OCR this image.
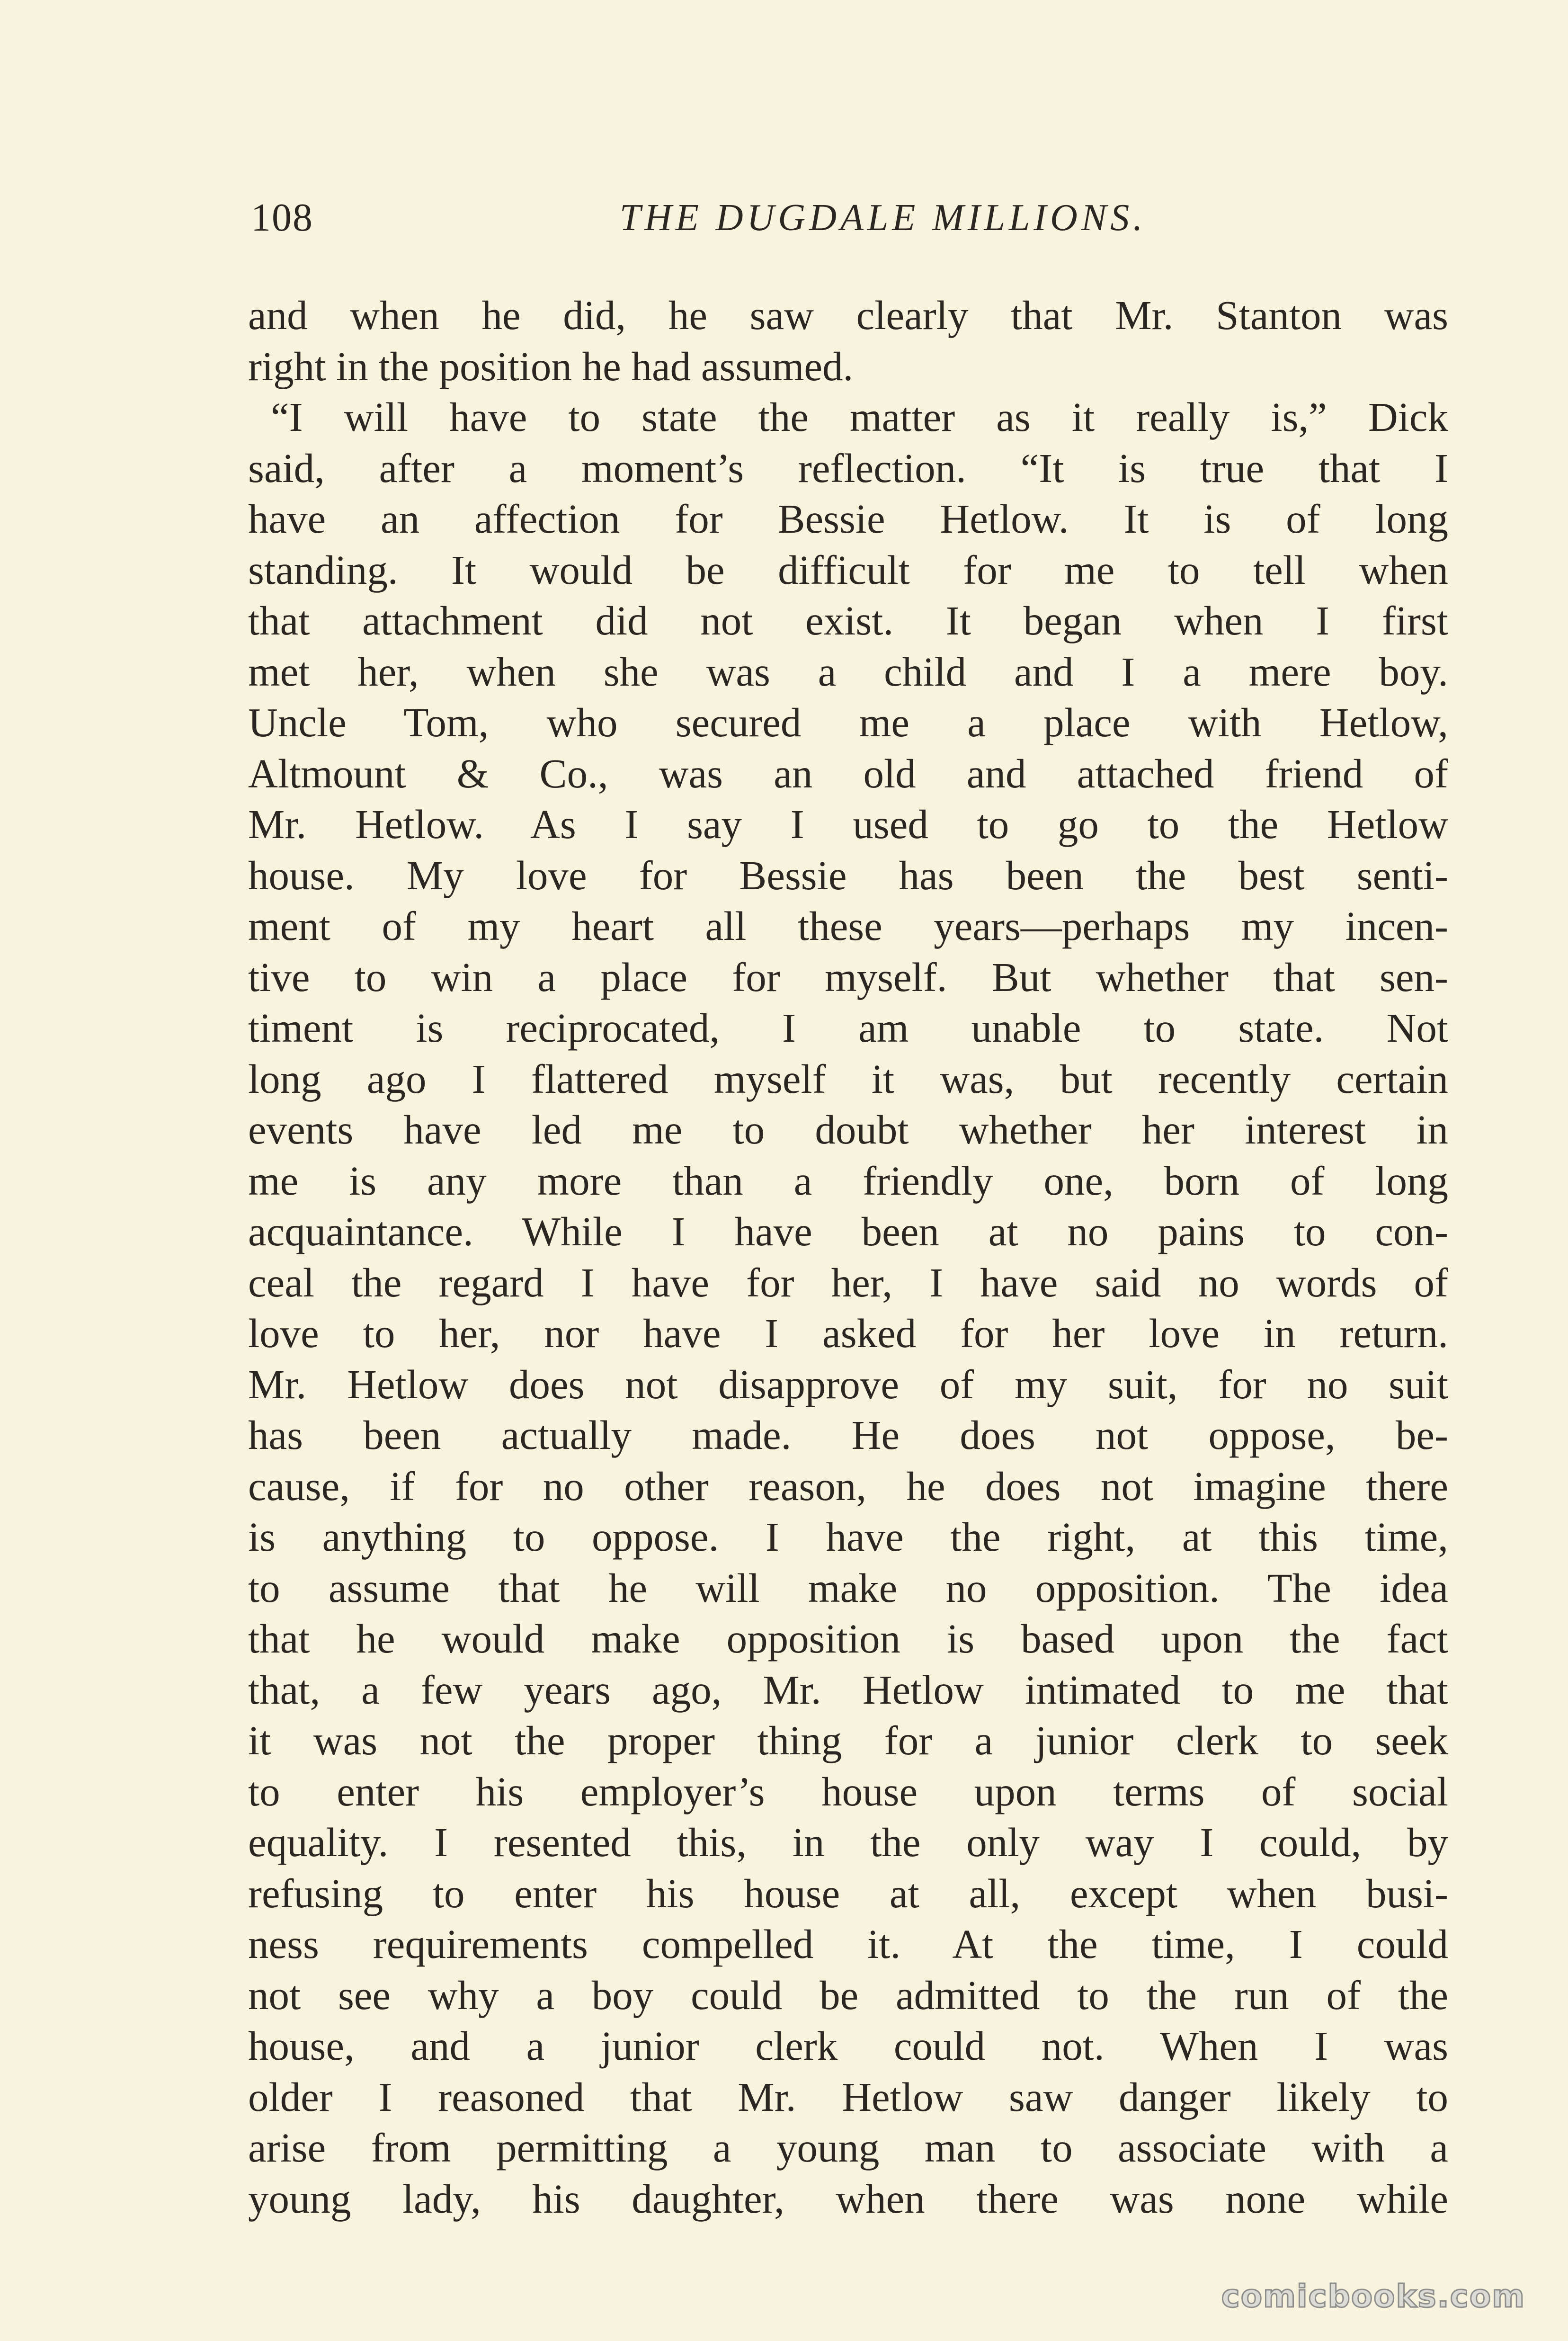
108	THE DUGDALE MILLIONS.
and when he did, he saw clearly that Mr. Stanton was
right in the position he had assumed.
“I will have to state the matter as it really is,” Dick
said, after a moment’s reflection. “It is true that I
have an affection for Bessie Hetlow. It is of long
standing. It would be difficult for me to tell when
that attachment did not exist. It began when I first
met her, when she was a child and I a mere boy.
Uncle Tom, who secured me a place with Hetlow,
Altmount & Co., was an old and attached friend of
Mr. Hetlow. As I say I used to go to the Hetlow
house. My love for Bessie has been the best senti-
ment of my heart all these years—perhaps my incen-
tive to win a place for myself. But whether that sen-
timent is reciprocated, I am unable to state. Not
long ago I flattered myself it was, but recently certain
events have led me to doubt whether her interest in
me is any more than a friendly one, born of long
acquaintance. While I have been at no pains to con-
ceal the regard I have for her, I have said no words of
love to her, nor have I asked for her love in return.
Mr. Hetlow does not disapprove of my suit, for no suit
has been actually made. He does not oppose, be-
cause, if for no other reason, he does not imagine there
is anything to oppose. I have the right, at this time,
to assume that he will make no opposition. The idea
that he would make opposition is based upon the fact
that, a few years ago, Mr. Hetlow intimated to me that
it was not the proper thing for a junior clerk to seek
to enter his employer’s house upon terms of social
equality. I resented this, in the only way I could, by
refusing to enter his house at all, except when busi-
ness requirements compelled it. At the time, I could
not see why a boy could be admitted to the run of the
house, and a junior clerk could not. When I was
older I reasoned that Mr. Hetlow saw danger likely to
arise from permitting a young man to associate with a
young lady, his daughter, when there was none while
comicbooks.com
